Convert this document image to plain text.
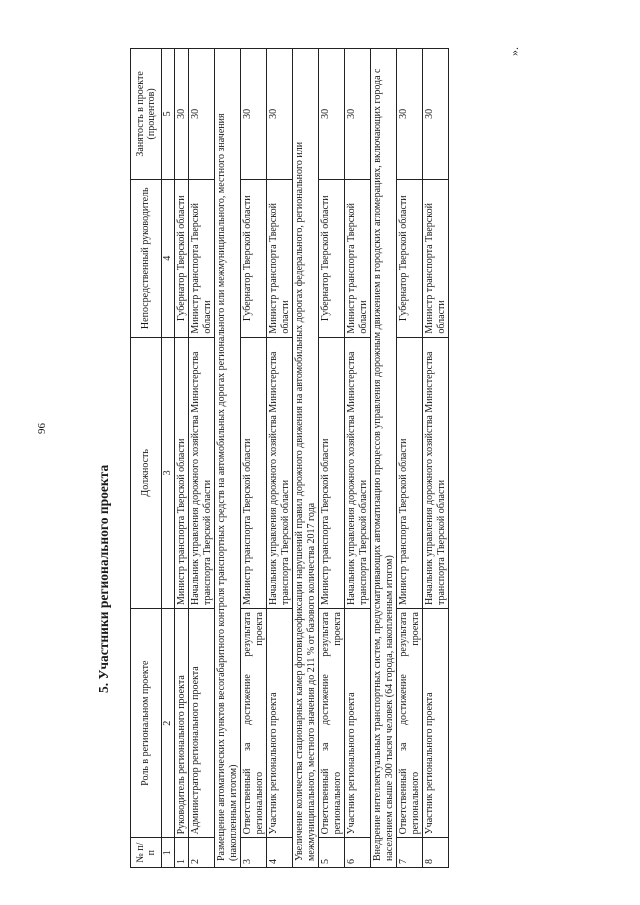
96
5. Участники регионального проекта
№ п/п	Роль в региональном проекте	Должность	Непосредственный руководитель	Занятость в проекте (процентов)
1	2	3	4	5
1	Руководитель регионального проекта	Министр транспорта Тверской области	Губернатор Тверской области	30
2	Администратор регионального проекта	Начальник управления дорожного хозяйства Министерства транспорта Тверской области	Министр транспорта Тверской области	30
Размещение автоматических пунктов весогабаритного контроля транспортных средств на автомобильных дорогах регионального или межмуниципального, местного значения (накопленным итогом)				
3	Ответственный за достижение результата регионального проекта	Министр транспорта Тверской области	Губернатор Тверской области	30
4	Участник регионального проекта	Начальник управления дорожного хозяйства Министерства транспорта Тверской области	Министр транспорта Тверской области	30
Увеличение количества стационарных камер фотовидеофиксации нарушений правил дорожного движения на автомобильных дорогах федерального, регионального или межмуниципального, местного значения до 211 % от базового количества 2017 года				
5	Ответственный за достижение результата регионального проекта	Министр транспорта Тверской области	Губернатор Тверской области	30
6	Участник регионального проекта	Начальник управления дорожного хозяйства Министерства транспорта Тверской области	Министр транспорта Тверской области	30
Внедрение интеллектуальных транспортных систем, предусматривающих автоматизацию процессов управления дорожным движением в городских агломерациях, включающих города с населением свыше 300 тысяч человек (64 города, накопленным итогом)				
7	Ответственный за достижение результата регионального проекта	Министр транспорта Тверской области	Губернатор Тверской области	30
8	Участник регионального проекта	Начальник управления дорожного хозяйства Министерства транспорта Тверской области	Министр транспорта Тверской области	30
».
